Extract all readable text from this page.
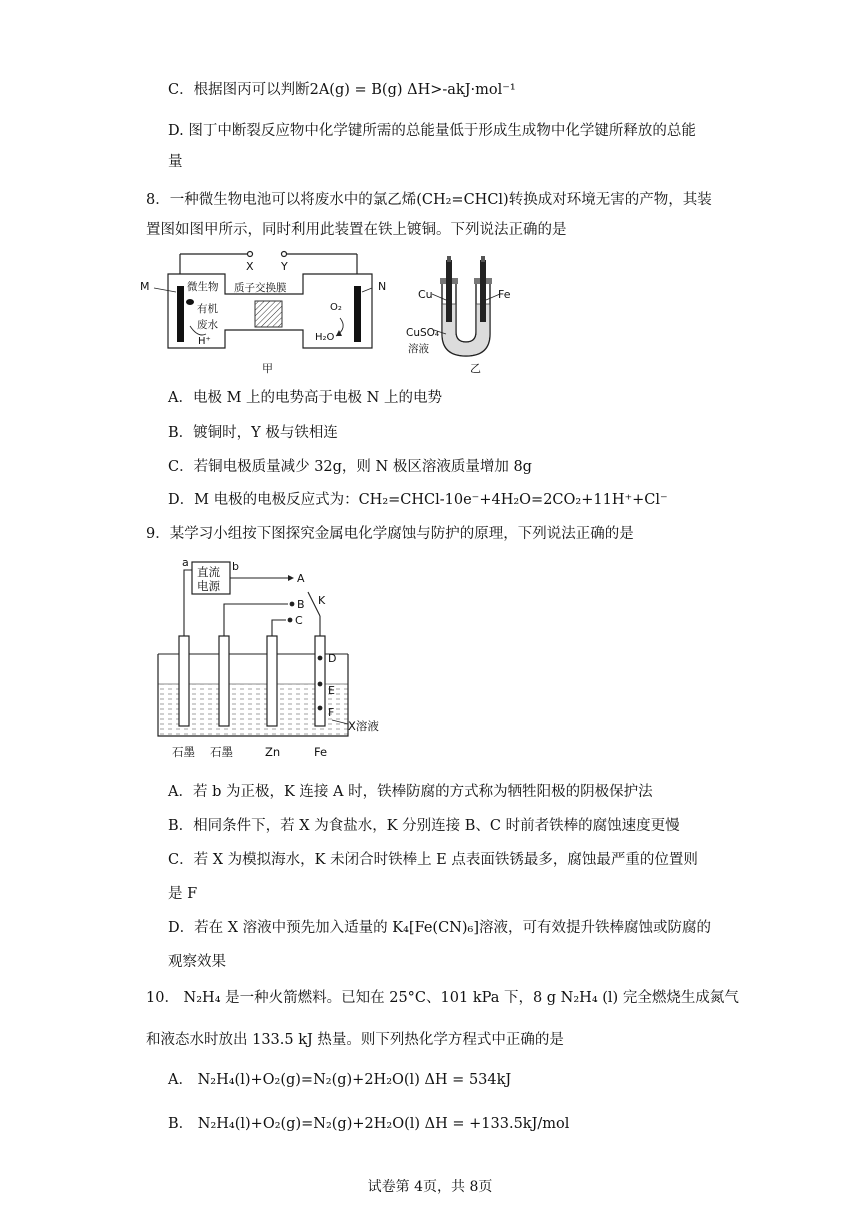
C．根据图丙可以判断2A(g) = B(g) ΔH>-akJ·mol⁻¹
D. 图丁中断裂反应物中化学键所需的总能量低于形成生成物中化学键所释放的总能
量
8．一种微生物电池可以将废水中的氯乙烯(CH₂=CHCl)转换成对环境无害的产物，其装
置图如图甲所示，同时利用此装置在铁上镀铜。下列说法正确的是
M	N
X Y
微生物
有机
废水
H⁺
质子交换膜
O₂
H₂O
甲
Cu	Fe
CuSO₄
溶液
乙
A．电极 M 上的电势高于电极 N 上的电势
B．镀铜时，Y 极与铁相连
C．若铜电极质量减少 32g，则 N 极区溶液质量增加 8g
D．M 电极的电极反应式为：CH₂=CHCl-10e⁻+4H₂O=2CO₂+11H⁺+Cl⁻
9．某学习小组按下图探究金属电化学腐蚀与防护的原理，下列说法正确的是
a	b
直流
电源
A
B
C
K
D
E
F
X溶液
石墨 石墨	Zn	Fe
A．若 b 为正极，K 连接 A 时，铁棒防腐的方式称为牺牲阳极的阴极保护法
B．相同条件下，若 X 为食盐水，K 分别连接 B、C 时前者铁棒的腐蚀速度更慢
C．若 X 为模拟海水，K 未闭合时铁棒上 E 点表面铁锈最多，腐蚀最严重的位置则
是 F
D．若在 X 溶液中预先加入适量的 K₄[Fe(CN)₆]溶液，可有效提升铁棒腐蚀或防腐的
观察效果
10． N₂H₄ 是一种火箭燃料。已知在 25°C、101 kPa 下，8 g N₂H₄ (l) 完全燃烧生成氮气
和液态水时放出 133.5 kJ 热量。则下列热化学方程式中正确的是
A． N₂H₄(l)+O₂(g)=N₂(g)+2H₂O(l) ΔH = 534kJ
B． N₂H₄(l)+O₂(g)=N₂(g)+2H₂O(l) ΔH = +133.5kJ/mol
试卷第 4页，共 8页
